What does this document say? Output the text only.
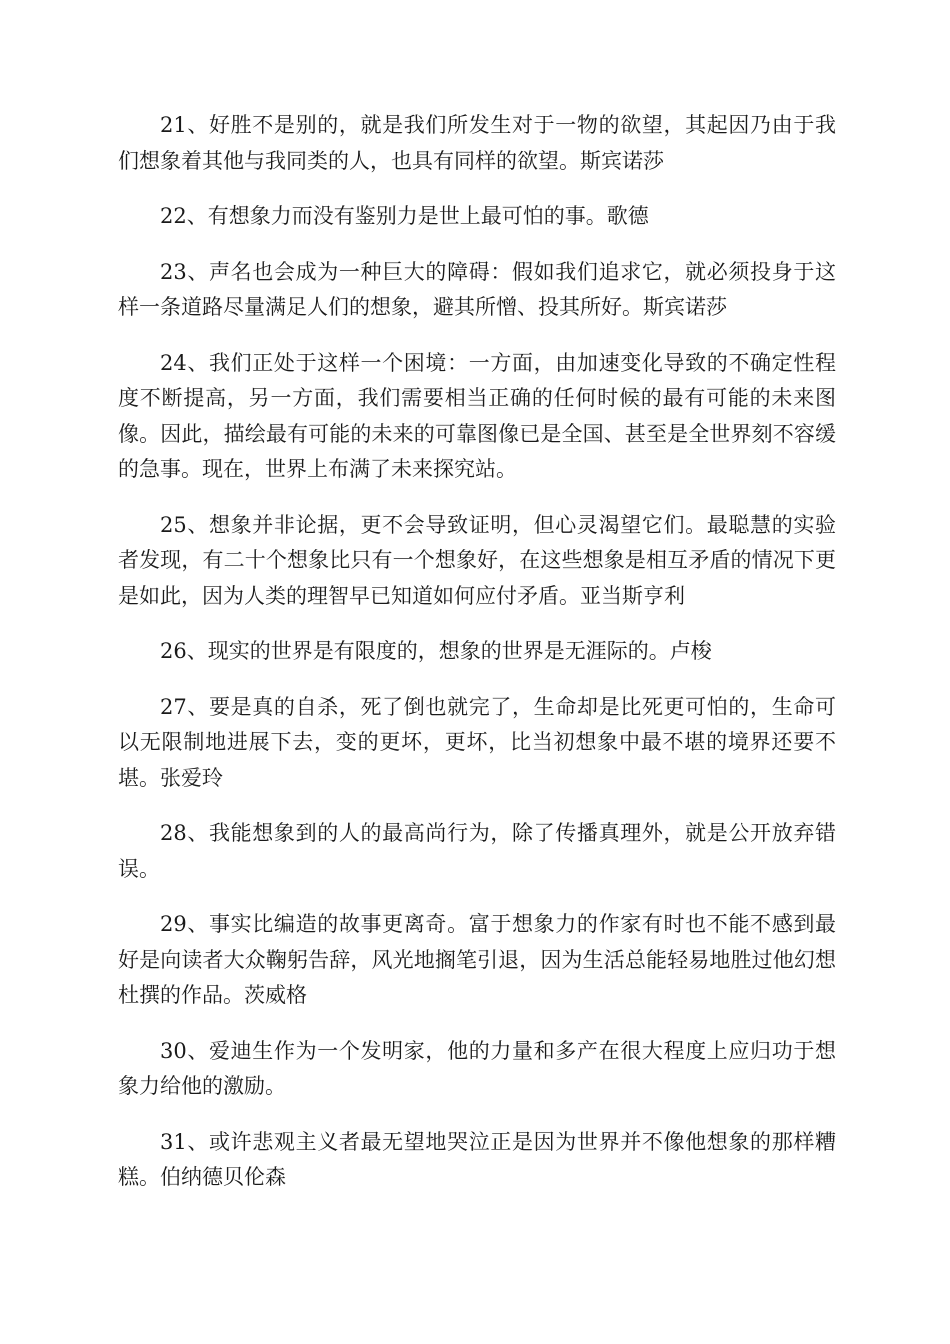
21、好胜不是别的，就是我们所发生对于一物的欲望，其起因乃由于我们想象着其他与我同类的人，也具有同样的欲望。斯宾诺莎

22、有想象力而没有鉴别力是世上最可怕的事。歌德

23、声名也会成为一种巨大的障碍：假如我们追求它，就必须投身于这样一条道路尽量满足人们的想象，避其所憎、投其所好。斯宾诺莎

24、我们正处于这样一个困境：一方面，由加速变化导致的不确定性程度不断提高，另一方面，我们需要相当正确的任何时候的最有可能的未来图像。因此，描绘最有可能的未来的可靠图像已是全国、甚至是全世界刻不容缓的急事。现在，世界上布满了未来探究站。

25、想象并非论据，更不会导致证明，但心灵渴望它们。最聪慧的实验者发现，有二十个想象比只有一个想象好，在这些想象是相互矛盾的情况下更是如此，因为人类的理智早已知道如何应付矛盾。亚当斯亨利

26、现实的世界是有限度的，想象的世界是无涯际的。卢梭

27、要是真的自杀，死了倒也就完了，生命却是比死更可怕的，生命可以无限制地进展下去，变的更坏，更坏，比当初想象中最不堪的境界还要不堪。张爱玲

28、我能想象到的人的最高尚行为，除了传播真理外，就是公开放弃错误。

29、事实比编造的故事更离奇。富于想象力的作家有时也不能不感到最好是向读者大众鞠躬告辞，风光地搁笔引退，因为生活总能轻易地胜过他幻想杜撰的作品。茨威格

30、爱迪生作为一个发明家，他的力量和多产在很大程度上应归功于想象力给他的激励。

31、或许悲观主义者最无望地哭泣正是因为世界并不像他想象的那样糟糕。伯纳德贝伦森
